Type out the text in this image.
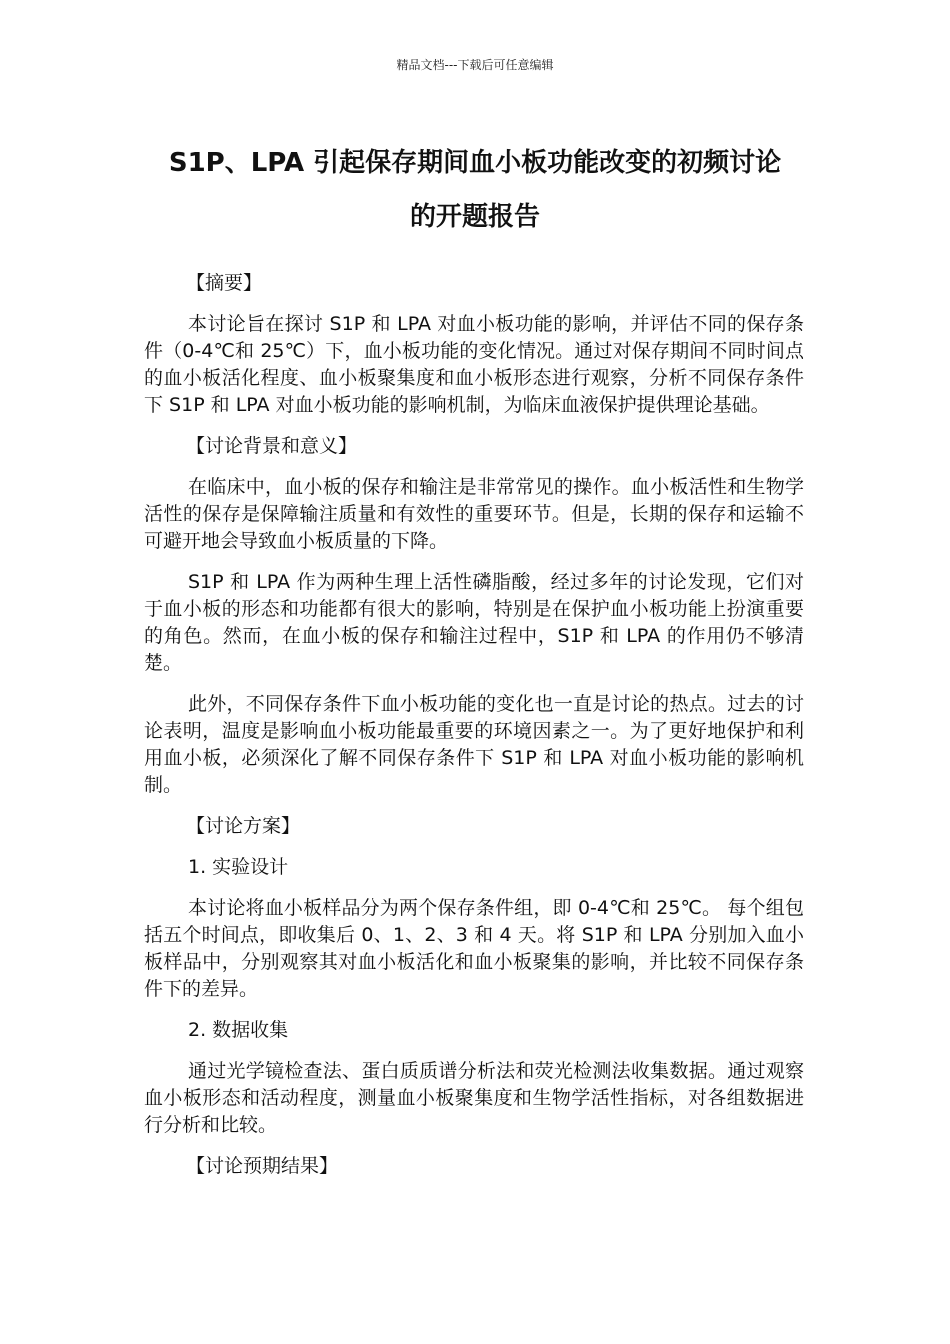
精品文档---下载后可任意编辑
S1P、LPA 引起保存期间血小板功能改变的初频讨论
的开题报告
【摘要】

本讨论旨在探讨 S1P 和 LPA 对血小板功能的影响，并评估不同的保存条件（0-4℃和 25℃）下，血小板功能的变化情况。通过对保存期间不同时间点的血小板活化程度、血小板聚集度和血小板形态进行观察，分析不同保存条件下 S1P 和 LPA 对血小板功能的影响机制，为临床血液保护提供理论基础。

【讨论背景和意义】

在临床中，血小板的保存和输注是非常常见的操作。血小板活性和生物学活性的保存是保障输注质量和有效性的重要环节。但是，长期的保存和运输不可避开地会导致血小板质量的下降。

S1P 和 LPA 作为两种生理上活性磷脂酸，经过多年的讨论发现，它们对于血小板的形态和功能都有很大的影响，特别是在保护血小板功能上扮演重要的角色。然而，在血小板的保存和输注过程中，S1P 和 LPA 的作用仍不够清楚。

此外，不同保存条件下血小板功能的变化也一直是讨论的热点。过去的讨论表明，温度是影响血小板功能最重要的环境因素之一。为了更好地保护和利用血小板，必须深化了解不同保存条件下 S1P 和 LPA 对血小板功能的影响机制。

【讨论方案】
1. 实验设计

本讨论将血小板样品分为两个保存条件组，即 0-4℃和 25℃。 每个组包括五个时间点，即收集后 0、1、2、3 和 4 天。将 S1P 和 LPA 分别加入血小板样品中，分别观察其对血小板活化和血小板聚集的影响，并比较不同保存条件下的差异。

2. 数据收集

通过光学镜检查法、蛋白质质谱分析法和荧光检测法收集数据。通过观察血小板形态和活动程度，测量血小板聚集度和生物学活性指标，对各组数据进行分析和比较。

【讨论预期结果】
